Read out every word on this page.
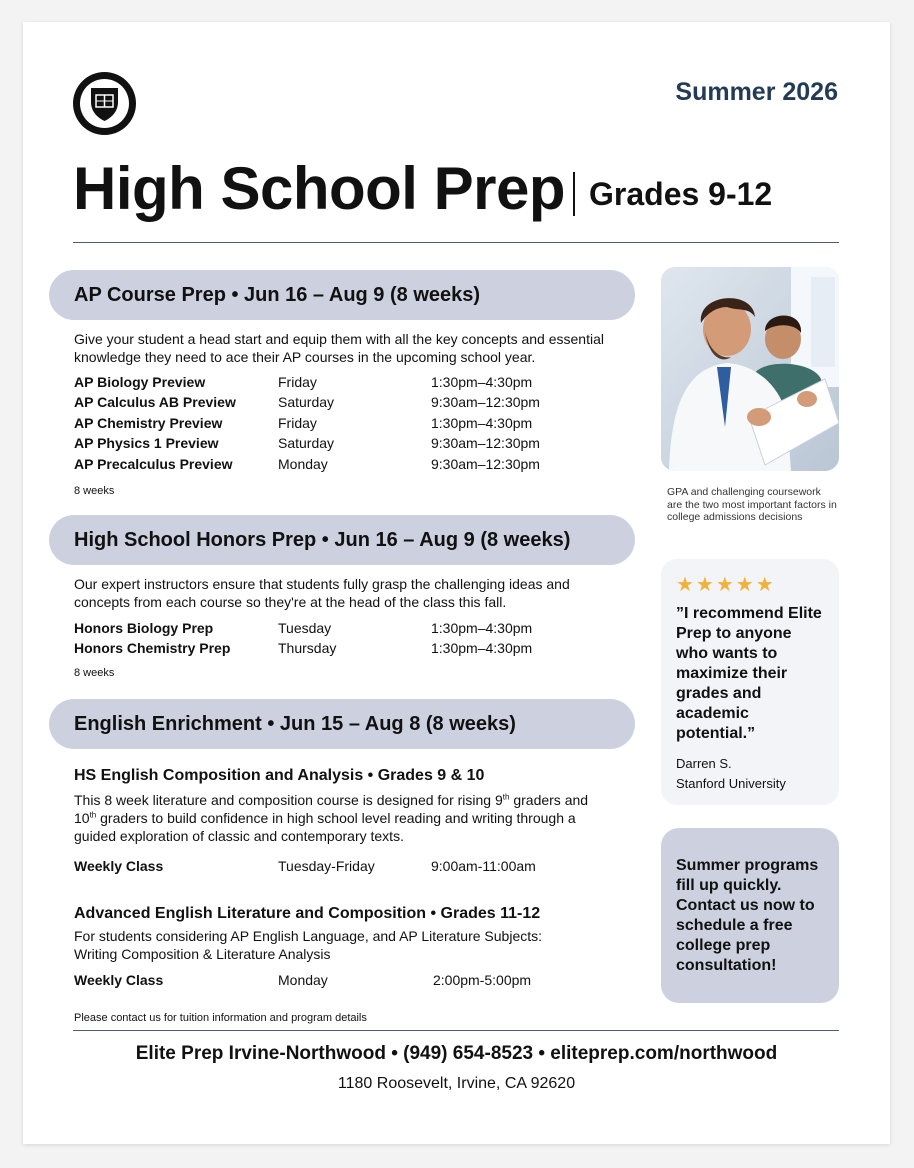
Summer 2026
High School Prep Grades 9-12
AP Course Prep • Jun 16 – Aug 9 (8 weeks)
Give your student a head start and equip them with all the key concepts and essential knowledge they need to ace their AP courses in the upcoming school year.
AP Biology Preview	Friday	1:30pm–4:30pm
AP Calculus AB Preview	Saturday	9:30am–12:30pm
AP Chemistry Preview	Friday	1:30pm–4:30pm
AP Physics 1 Preview	Saturday	9:30am–12:30pm
AP Precalculus Preview	Monday	9:30am–12:30pm
8 weeks
High School Honors Prep • Jun 16 – Aug 9 (8 weeks)
Our expert instructors ensure that students fully grasp the challenging ideas and concepts from each course so they're at the head of the class this fall.
Honors Biology Prep	Tuesday	1:30pm–4:30pm
Honors Chemistry Prep	Thursday	1:30pm–4:30pm
8 weeks
English Enrichment • Jun 15 – Aug 8 (8 weeks)
HS English Composition and Analysis • Grades 9 & 10
This 8 week literature and composition course is designed for rising 9th graders and 10th graders to build confidence in high school level reading and writing through a guided exploration of classic and contemporary texts.
Weekly Class	Tuesday-Friday	9:00am-11:00am
Advanced English Literature and Composition • Grades 11-12
For students considering AP English Language, and AP Literature Subjects: Writing Composition & Literature Analysis
Weekly Class	Monday	2:00pm-5:00pm
Please contact us for tuition information and program details
GPA and challenging coursework are the two most important factors in college admissions decisions
★★★★★
”I recommend Elite Prep to anyone who wants to maximize their grades and academic potential.”
Darren S.
Stanford University
Summer programs fill up quickly. Contact us now to schedule a free college prep consultation!
Elite Prep Irvine-Northwood • (949) 654-8523 • eliteprep.com/northwood
1180 Roosevelt, Irvine, CA 92620
